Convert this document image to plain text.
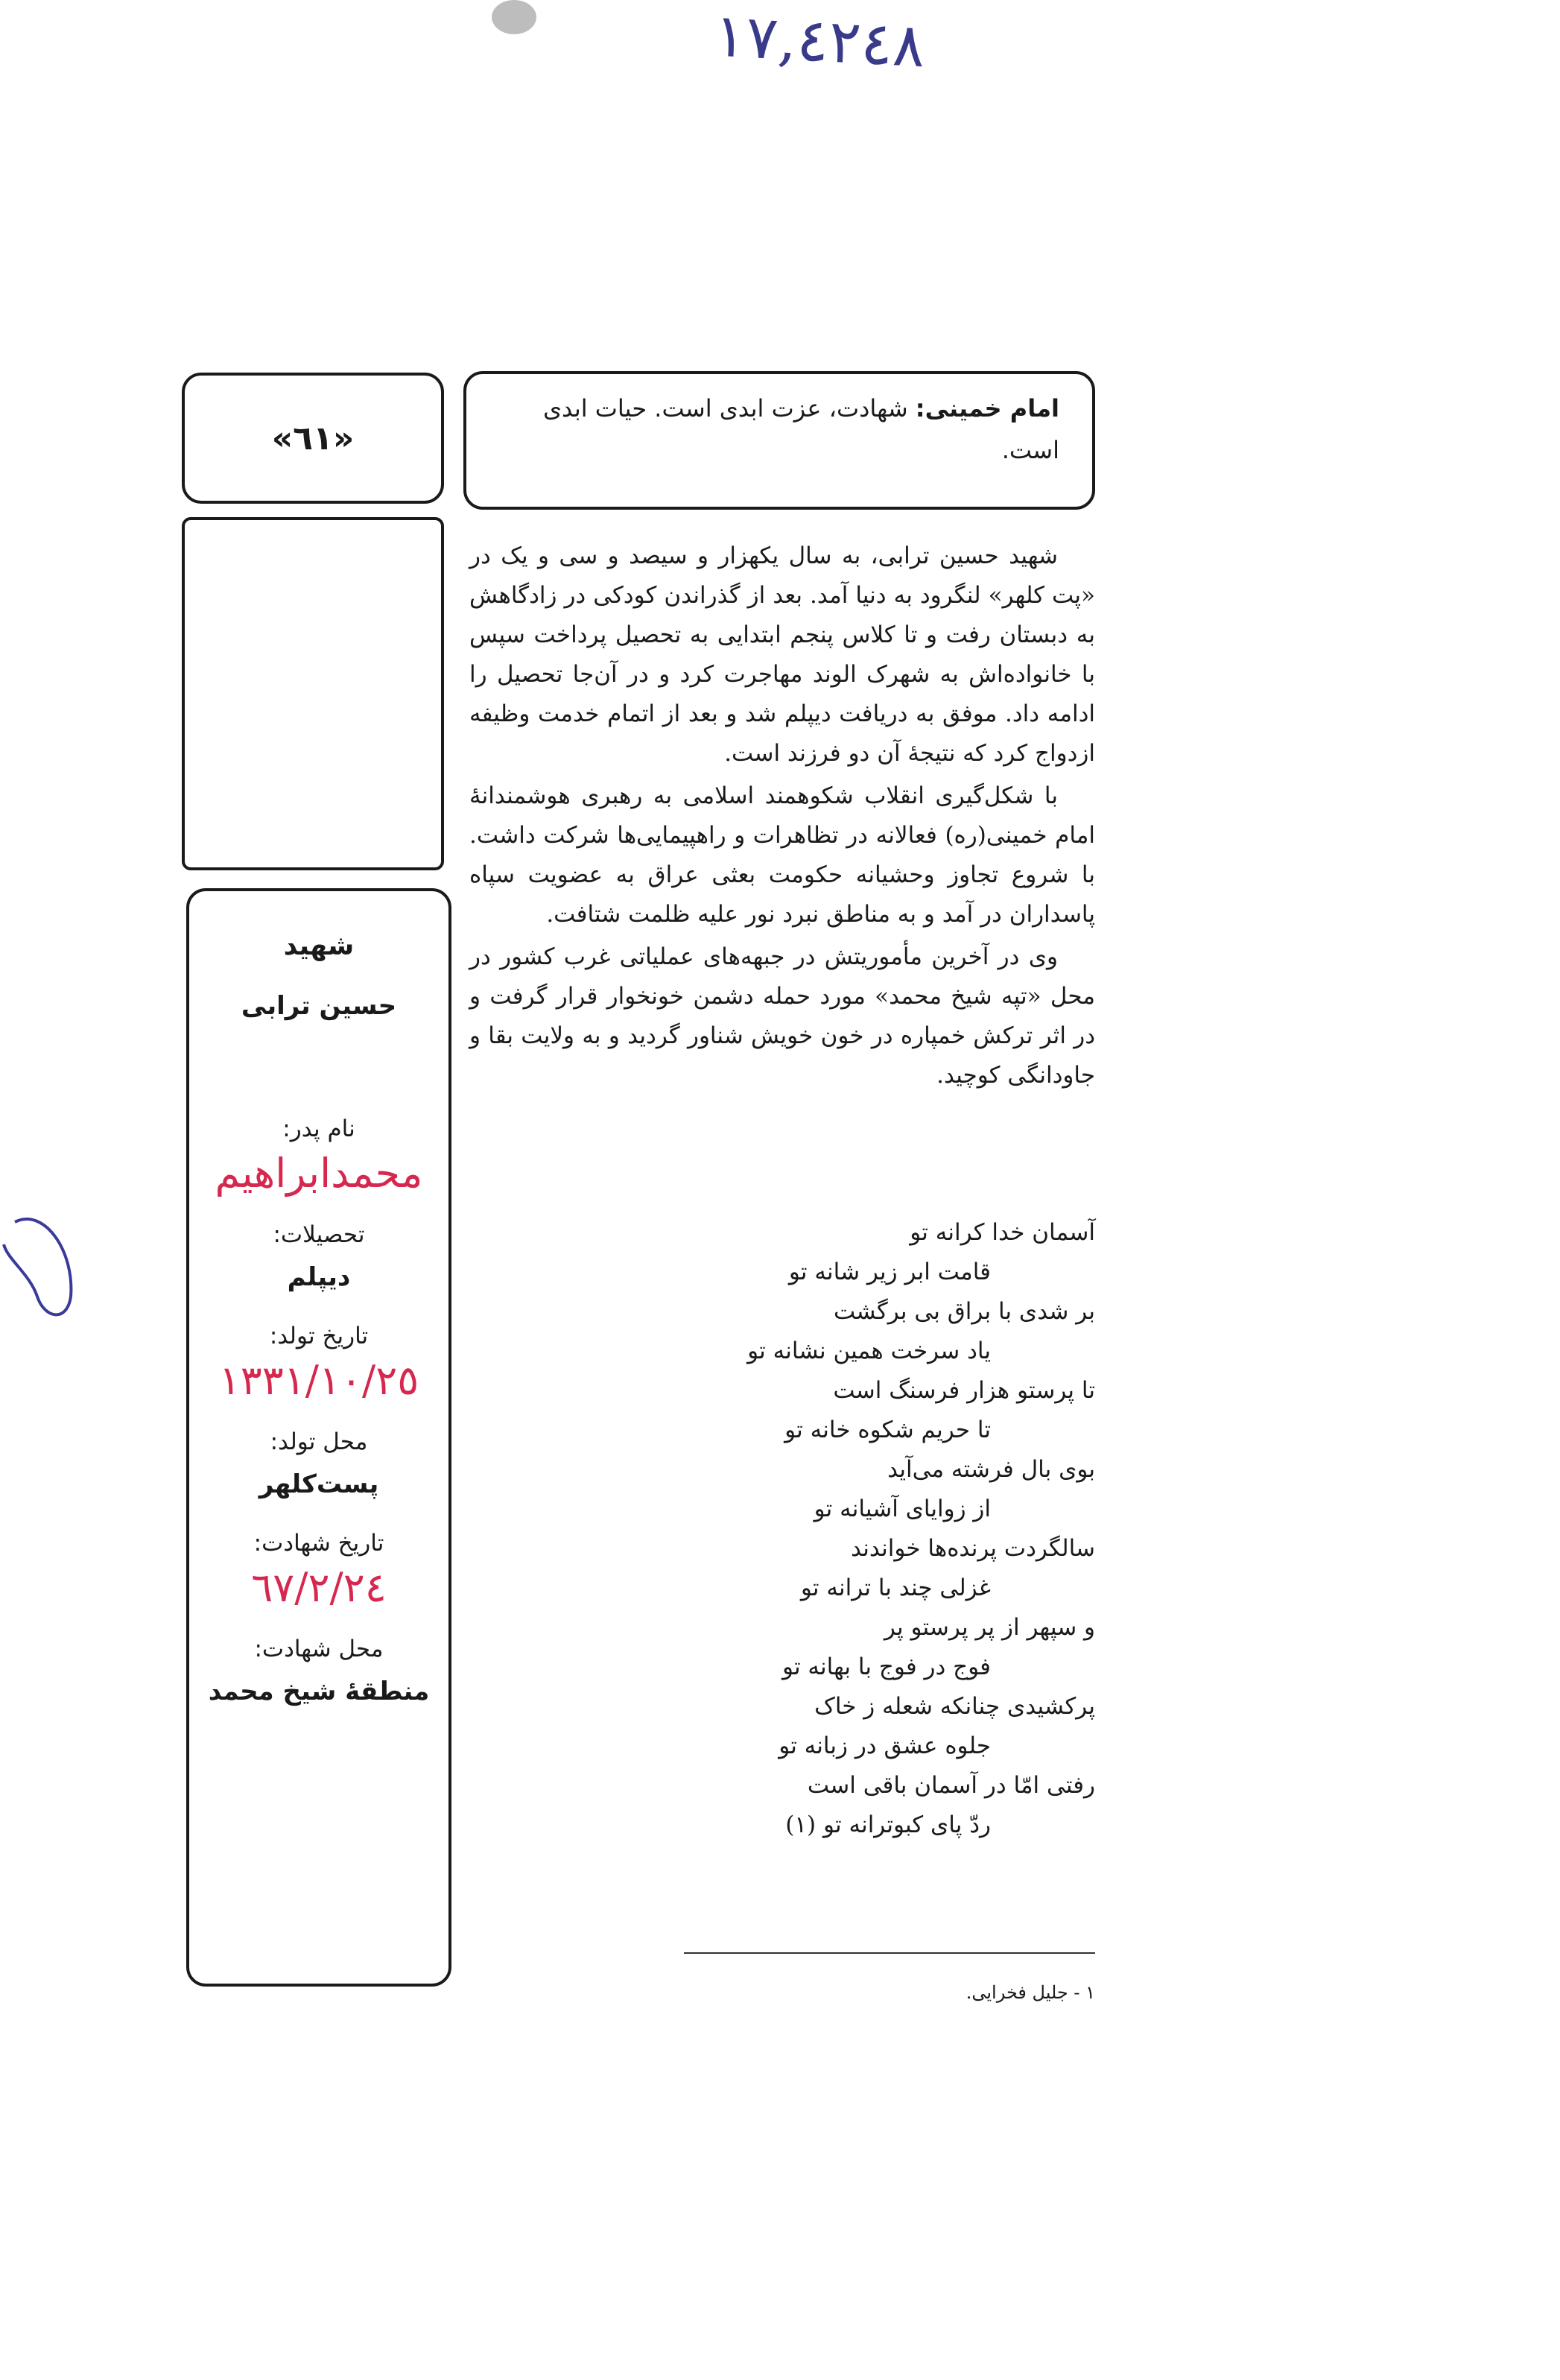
١٧,٤٢٤٨
امام خمینی: شهادت، عزت ابدی است. حیات ابدی است.
«٦١»
شهید
حسین ترابی
نام پدر:
محمدابراهیم
تحصیلات:
دیپلم
تاریخ تولد:
١٣٣١/١٠/٢٥
محل تولد:
پست‌کلهر
تاریخ شهادت:
٦٧/٢/٢٤
محل شهادت:
منطقهٔ شیخ محمد

شهید حسین ترابی، به سال یکهزار و سیصد و سی و یک در «پت کلهر» لنگرود به دنیا آمد. بعد از گذراندن کودکی در زادگاهش به دبستان رفت و تا کلاس پنجم ابتدایی به تحصیل پرداخت سپس با خانواده‌اش به شهرک الوند مهاجرت کرد و در آن‌جا تحصیل را ادامه داد. موفق به دریافت دیپلم شد و بعد از اتمام خدمت وظیفه ازدواج کرد که نتیجهٔ آن دو فرزند است.

با شکل‌گیری انقلاب شکوهمند اسلامی به رهبری هوشمندانهٔ امام خمینی(ره) فعالانه در تظاهرات و راهپیمایی‌ها شرکت داشت. با شروع تجاوز وحشیانه حکومت بعثی عراق به عضویت سپاه پاسداران در آمد و به مناطق نبرد نور علیه ظلمت شتافت.

وی در آخرین مأموریتش در جبهه‌های عملیاتی غرب کشور در محل «تپه شیخ محمد» مورد حمله دشمن خونخوار قرار گرفت و در اثر ترکش خمپاره در خون خویش شناور گردید و به ولایت بقا و جاودانگی کوچید.

آسمان خدا کرانه تو
قامت ابر زیر شانه تو
بر شدی با براق بی برگشت
یاد سرخت همین نشانه تو
تا پرستو هزار فرسنگ است
تا حریم شکوه خانه تو
بوی بال فرشته می‌آید
از زوایای آشیانه تو
سالگردت پرنده‌ها خواندند
غزلی چند با ترانه تو
و سپهر از پر پرستو پر
فوج در فوج با بهانه تو
پرکشیدی چنانکه شعله ز خاک
جلوه عشق در زبانه تو
رفتی امّا در آسمان باقی است
ردّ پای کبوترانه تو (١)
١ - جلیل فخرایی.
